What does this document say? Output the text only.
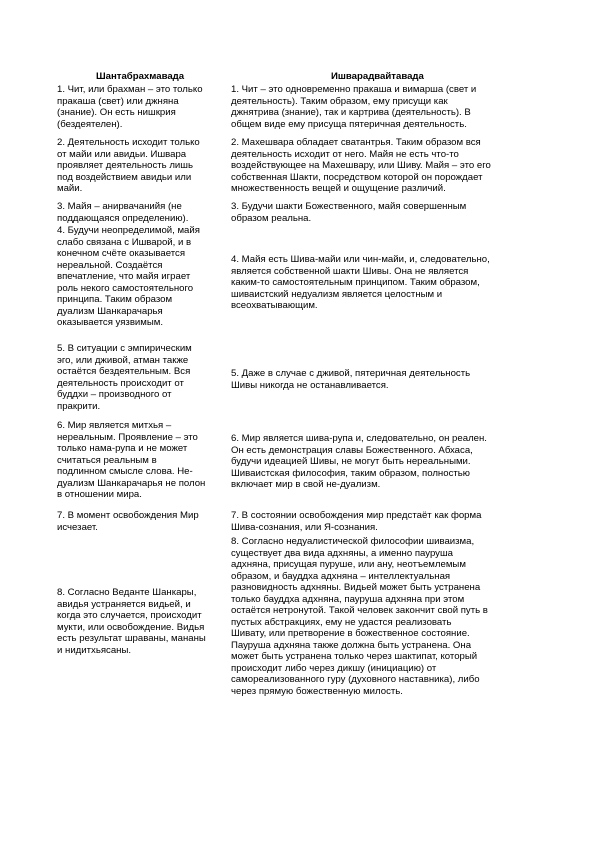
Шантабрахмавада	Ишварадвайтавада

1. Чит, или брахман – это только
пракаша (свет) или джняна
(знание). Он есть нишкрия
(бездеятелен).

1. Чит – это одновременно пракаша и вимарша (свет и
деятельность). Таким образом, ему присущи как
джнятрива (знание), так и картрива (деятельность). В
общем виде ему присуща пятеричная деятельность.

2. Деятельность исходит только
от майи или авидьи. Ишвара
проявляет деятельность лишь
под воздействием авидьи или
майи.

2. Махешвара обладает сватантрья. Таким образом вся
деятельность исходит от него. Майя не есть что-то
воздействующее на Махешвару, или Шиву. Майя – это его
собственная Шакти, посредством которой он порождает
множественность вещей и ощущение различий.

3. Майя – анирвачанийя (не
поддающаяся определению).

3. Будучи шакти Божественного, майя совершенным
образом реальна.

4. Будучи неопределимой, майя
слабо связана с Ишварой, и в
конечном счёте оказывается
нереальной. Создаётся
впечатление, что майя играет
роль некого самостоятельного
принципа. Таким образом
дуализм Шанкарачарья
оказывается уязвимым.

4. Майя есть Шива-майи или чин-майи, и, следовательно,
является собственной шакти Шивы. Она не является
каким-то самостоятельным принципом. Таким образом,
шиваистский недуализм является целостным и
всеохватывающим.

5. В ситуации с эмпирическим
эго, или дживой, атман также
остаётся бездеятельным. Вся
деятельность происходит от
буддхи – производного от
пракрити.

5. Даже в случае с дживой, пятеричная деятельность
Шивы никогда не останавливается.

6. Мир является митхья –
нереальным. Проявление – это
только нама-рупа и не может
считаться реальным в
подлинном смысле слова. Не-
дуализм Шанкарачарья не полон
в отношении мира.

6. Мир является шива-рупа и, следовательно, он реален.
Он есть демонстрация славы Божественного. Абхаса,
будучи идеацией Шивы, не могут быть нереальными.
Шиваистская философия, таким образом, полностью
включает мир в свой не-дуализм.

7. В момент освобождения Мир
исчезает.

7. В состоянии освобождения мир предстаёт как форма
Шива-сознания, или Я-сознания.

8. Согласно Веданте Шанкары,
авидья устраняется видьей, и
когда это случается, происходит
мукти, или освобождение. Видья
есть результат шраваны, мананы
и нидитхьясаны.

8. Согласно недуалистической философии шиваизма,
существует два вида адхняны, а именно пауруша
адхняна, присущая пуруше, или ану, неотъемлемым
образом, и бауддха адхняна – интеллектуальная
разновидность адхняны. Видьей может быть устранена
только бауддха адхняна, пауруша адхняна при этом
остаётся нетронутой. Такой человек закончит свой путь в
пустых абстракциях, ему не удастся реализовать
Шивату, или претворение в божественное состояние.
Пауруша адхняна также должна быть устранена. Она
может быть устранена только через шактипат, который
происходит либо через дикшу (инициацию) от
самореализованного гуру (духовного наставника), либо
через прямую божественную милость.
